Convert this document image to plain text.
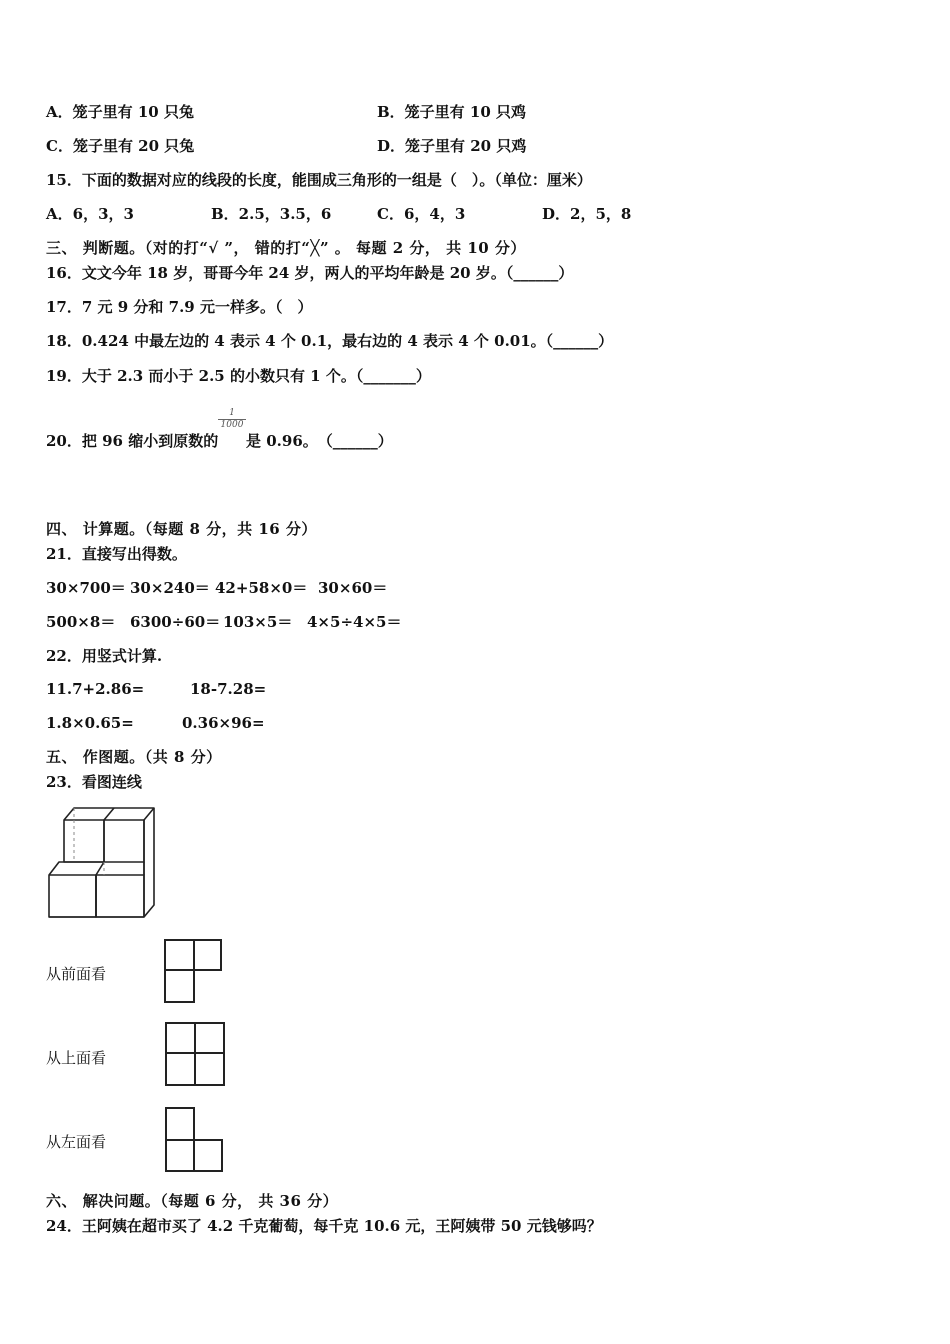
A．笼子里有 10 只兔	B．笼子里有 10 只鸡
C．笼子里有 20 只兔	D．笼子里有 20 只鸡
15．下面的数据对应的线段的长度，能围成三角形的一组是（　）。（单位：厘米）
A．6，3，3	B．2.5，3.5，6	C．6，4，3	D．2，5，8
三、 判断题。（对的打“√ ”， 错的打“╳” 。 每题 2 分， 共 10 分）
16．文文今年 18 岁，哥哥今年 24 岁，两人的平均年龄是 20 岁。（______）
17．7 元 9 分和 7.9 元一样多。（　）
18．0.424 中最左边的 4 表示 4 个 0.1，最右边的 4 表示 4 个 0.01。（______）
19．大于 2.3 而小于 2.5 的小数只有 1 个。（_______）
20．把 96 缩小到原数的
$\frac{1}{1000}$
是 0.96。　（______）
四、 计算题。（每题 8 分，共 16 分）
21．直接写出得数。
30×700＝ 30×240＝ 42+58×0＝ 30×60＝
500×8＝ 6300÷60＝ 103×5＝ 4×5÷4×5＝
22．用竖式计算.
11.7+2.86=	18-7.28=
1.8×0.65=	0.36×96=
五、 作图题。（共 8 分）
23．看图连线
从前面看
从上面看
从左面看
六、 解决问题。（每题 6 分， 共 36 分）
24．王阿姨在超市买了 4.2 千克葡萄，每千克 10.6 元，王阿姨带 50 元钱够吗？
